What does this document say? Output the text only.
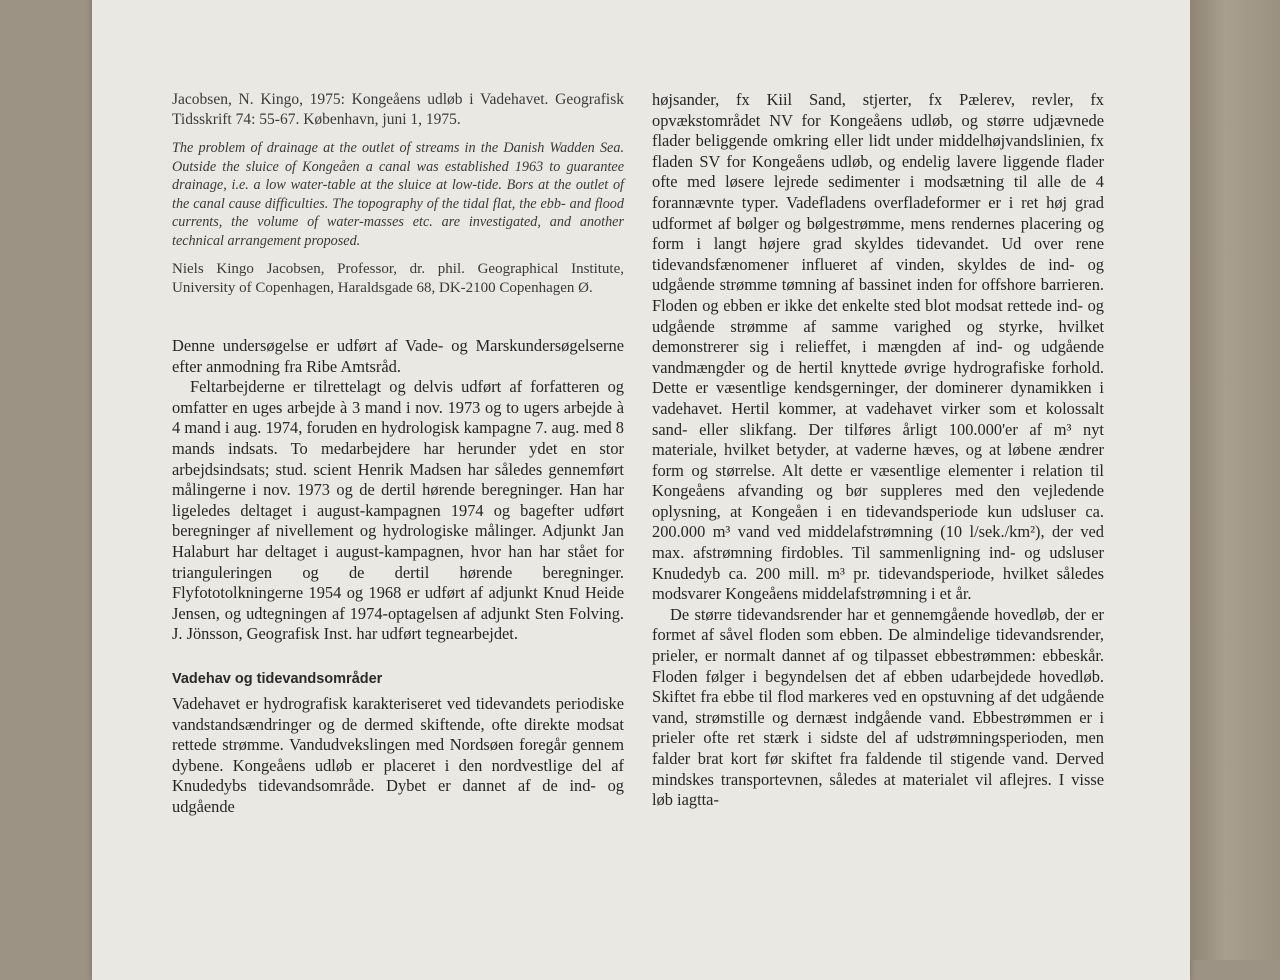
Jacobsen, N. Kingo, 1975: Kongeåens udløb i Vadehavet. Geografisk Tidsskrift 74: 55-67. København, juni 1, 1975.

The problem of drainage at the outlet of streams in the Danish Wadden Sea. Outside the sluice of Kongeåen a canal was established 1963 to guarantee drainage, i.e. a low water-table at the sluice at low-tide. Bors at the outlet of the canal cause difficulties. The topography of the tidal flat, the ebb- and flood currents, the volume of water-masses etc. are investigated, and another technical arrangement proposed.

Niels Kingo Jacobsen, Professor, dr. phil. Geographical Institute, University of Copenhagen, Haraldsgade 68, DK-2100 Copenhagen Ø.

Denne undersøgelse er udført af Vade- og Marskundersøgelserne efter anmodning fra Ribe Amtsråd.

Feltarbejderne er tilrettelagt og delvis udført af forfatteren og omfatter en uges arbejde à 3 mand i nov. 1973 og to ugers arbejde à 4 mand i aug. 1974, foruden en hydrologisk kampagne 7. aug. med 8 mands indsats. To medarbejdere har herunder ydet en stor arbejdsindsats; stud. scient Henrik Madsen har således gennemført målingerne i nov. 1973 og de dertil hørende beregninger. Han har ligeledes deltaget i august-kampagnen 1974 og bagefter udført beregninger af nivellement og hydrologiske målinger. Adjunkt Jan Halaburt har deltaget i august-kampagnen, hvor han har stået for trianguleringen og de dertil hørende beregninger. Flyfototolkningerne 1954 og 1968 er udført af adjunkt Knud Heide Jensen, og udtegningen af 1974-optagelsen af adjunkt Sten Folving. J. Jönsson, Geografisk Inst. har udført tegnearbejdet.

Vadehav og tidevandsområder

Vadehavet er hydrografisk karakteriseret ved tidevandets periodiske vandstandsændringer og de dermed skiftende, ofte direkte modsat rettede strømme. Vandudvekslingen med Nordsøen foregår gennem dybene. Kongeåens udløb er placeret i den nordvestlige del af Knudedybs tidevandsområde. Dybet er dannet af de ind- og udgående

højsander, fx Kiil Sand, stjerter, fx Pælerev, revler, fx opvækstområdet NV for Kongeåens udløb, og større udjævnede flader beliggende omkring eller lidt under middelhøjvandslinien, fx fladen SV for Kongeåens udløb, og endelig lavere liggende flader ofte med løsere lejrede sedimenter i modsætning til alle de 4 forannævnte typer. Vadefladens overfladeformer er i ret høj grad udformet af bølger og bølgestrømme, mens rendernes placering og form i langt højere grad skyldes tidevandet. Ud over rene tidevandsfænomener influeret af vinden, skyldes de ind- og udgående strømme tømning af bassinet inden for offshore barrieren. Floden og ebben er ikke det enkelte sted blot modsat rettede ind- og udgående strømme af samme varighed og styrke, hvilket demonstrerer sig i relieffet, i mængden af ind- og udgående vandmængder og de hertil knyttede øvrige hydrografiske forhold. Dette er væsentlige kendsgerninger, der dominerer dynamikken i vadehavet. Hertil kommer, at vadehavet virker som et kolossalt sand- eller slikfang. Der tilføres årligt 100.000'er af m³ nyt materiale, hvilket betyder, at vaderne hæves, og at løbene ændrer form og størrelse. Alt dette er væsentlige elementer i relation til Kongeåens afvanding og bør suppleres med den vejledende oplysning, at Kongeåen i en tidevandsperiode kun udsluser ca. 200.000 m³ vand ved middelafstrømning (10 l/sek./km²), der ved max. afstrømning firdobles. Til sammenligning ind- og udsluser Knudedyb ca. 200 mill. m³ pr. tidevandsperiode, hvilket således modsvarer Kongeåens middelafstrømning i et år.

De større tidevandsrender har et gennemgående hovedløb, der er formet af såvel floden som ebben. De almindelige tidevandsrender, prieler, er normalt dannet af og tilpasset ebbestrømmen: ebbeskår. Floden følger i begyndelsen det af ebben udarbejdede hovedløb. Skiftet fra ebbe til flod markeres ved en opstuvning af det udgående vand, strømstille og dernæst indgående vand. Ebbestrømmen er i prieler ofte ret stærk i sidste del af udstrømningsperioden, men falder brat kort før skiftet fra faldende til stigende vand. Derved mindskes transportevnen, således at materialet vil aflejres. I visse løb iagtta-
